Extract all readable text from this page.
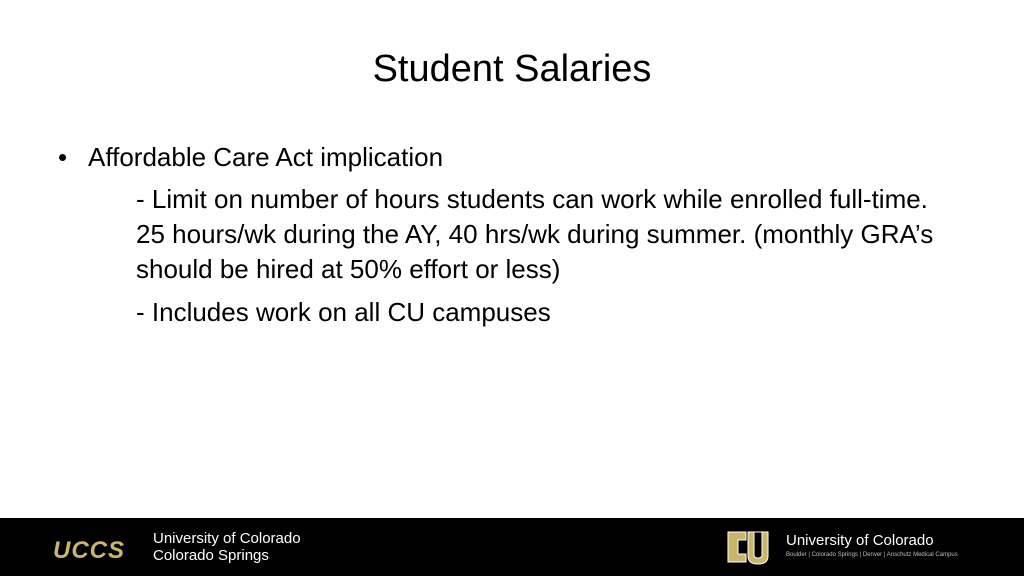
Student Salaries
• Affordable Care Act implication
- Limit on number of hours students can work while enrolled full-time. 25 hours/wk during the AY, 40 hrs/wk during summer. (monthly GRA’s should be hired at 50% effort or less)
- Includes work on all CU campuses
UCCS University of Colorado
Colorado Springs
University of Colorado
Boulder | Colorado Springs | Denver | Anschutz Medical Campus
